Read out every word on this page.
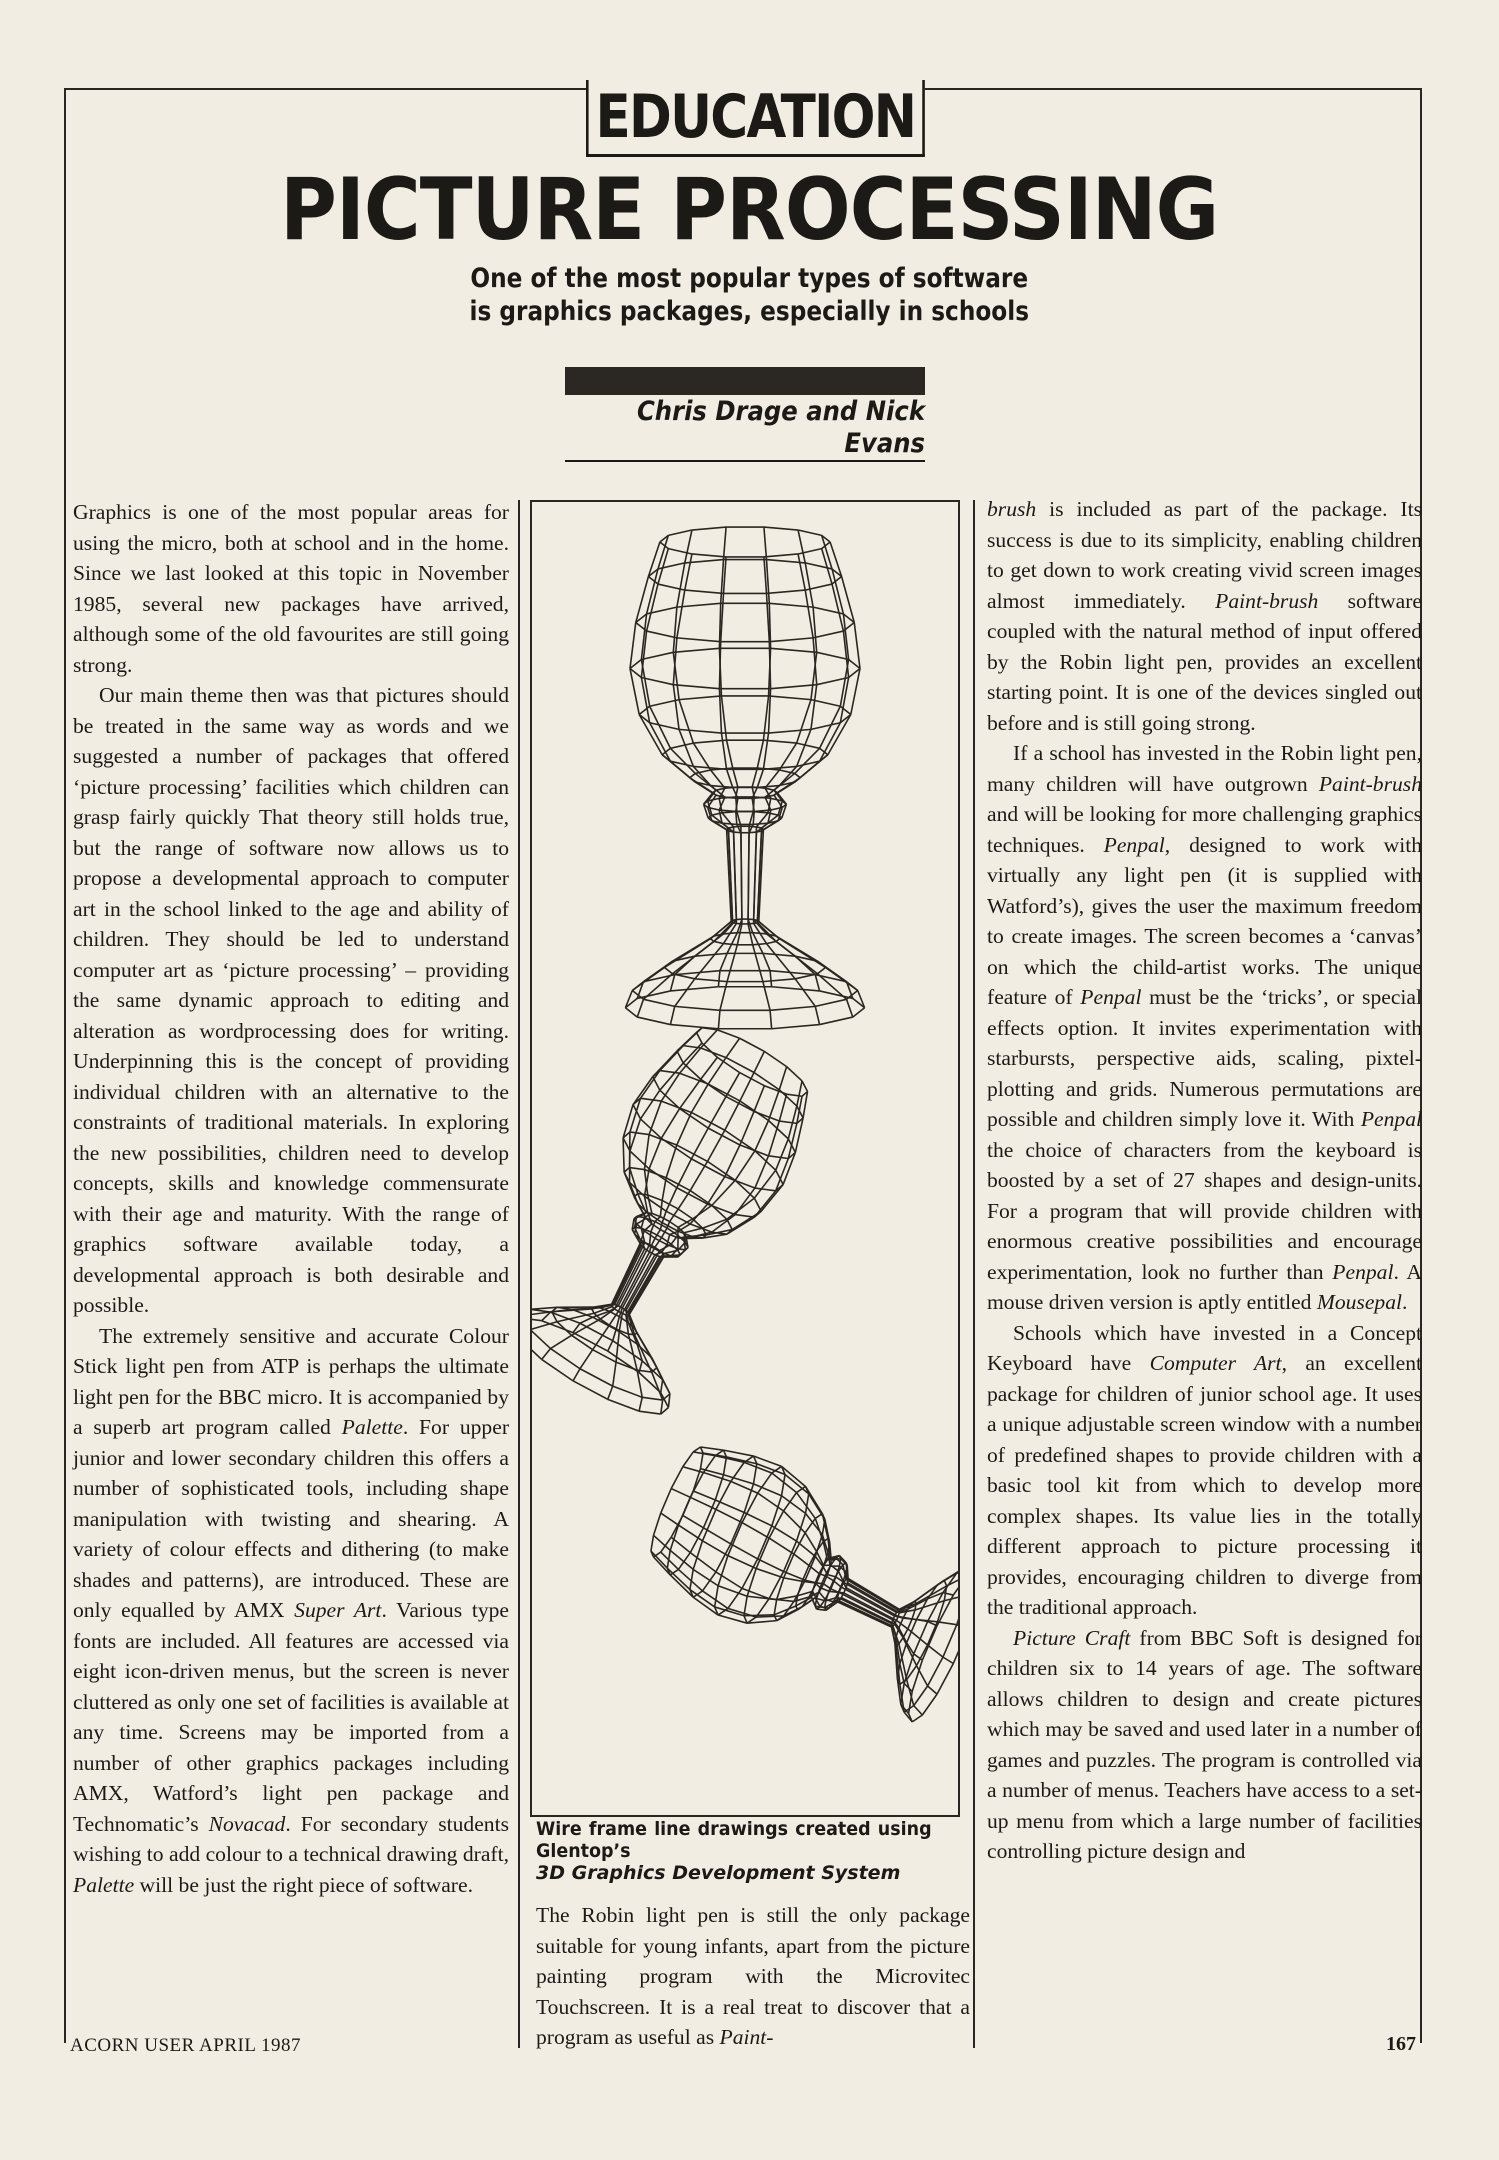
EDUCATION
PICTURE PROCESSING
One of the most popular types of software
is graphics packages, especially in schools
Chris Drage and Nick Evans

Graphics is one of the most popular areas for using the micro, both at school and in the home. Since we last looked at this topic in November 1985, several new packages have arrived, although some of the old favourites are still going strong.

Our main theme then was that pictures should be treated in the same way as words and we suggested a number of packages that offered ‘picture processing’ facilities which children can grasp fairly quickly That theory still holds true, but the range of software now allows us to propose a developmental approach to computer art in the school linked to the age and ability of children. They should be led to understand computer art as ‘picture processing’ – providing the same dynamic approach to editing and alteration as wordprocessing does for writing. Underpinning this is the concept of providing individual children with an alternative to the constraints of traditional materials. In exploring the new possibilities, children need to develop concepts, skills and knowledge commensurate with their age and maturity. With the range of graphics software available today, a developmental approach is both desirable and possible.

The extremely sensitive and accurate Colour Stick light pen from ATP is perhaps the ultimate light pen for the BBC micro. It is accompanied by a superb art program called Palette. For upper junior and lower secondary children this offers a number of sophisticated tools, including shape manipulation with twisting and shearing. A variety of colour effects and dithering (to make shades and patterns), are introduced. These are only equalled by AMX Super Art. Various type fonts are included. All features are accessed via eight icon-driven menus, but the screen is never cluttered as only one set of facilities is available at any time. Screens may be imported from a number of other graphics packages including AMX, Watford’s light pen package and Technomatic’s Novacad. For secondary students wishing to add colour to a technical drawing draft, Palette will be just the right piece of software.

Wire frame line drawings created using Glentop’s3D Graphics Development System

The Robin light pen is still the only package suitable for young infants, apart from the picture painting program with the Microvitec Touchscreen. It is a real treat to discover that a program as useful as Paint-

brush is included as part of the package. Its success is due to its simplicity, enabling children to get down to work creating vivid screen images almost immediately. Paint-brush software coupled with the natural method of input offered by the Robin light pen, provides an excellent starting point. It is one of the devices singled out before and is still going strong.

If a school has invested in the Robin light pen, many children will have outgrown Paint-brush and will be looking for more challenging graphics techniques. Penpal, designed to work with virtually any light pen (it is supplied with Watford’s), gives the user the maximum freedom to create images. The screen becomes a ‘canvas’ on which the child-artist works. The unique feature of Penpal must be the ‘tricks’, or special effects option. It invites experimentation with starbursts, perspective aids, scaling, pixtel-plotting and grids. Numerous permutations are possible and children simply love it. With Penpal the choice of characters from the keyboard is boosted by a set of 27 shapes and design-units. For a program that will provide children with enormous creative possibilities and encourage experimentation, look no further than Penpal. A mouse driven version is aptly entitled Mousepal.

Schools which have invested in a Concept Keyboard have Computer Art, an excellent package for children of junior school age. It uses a unique adjustable screen window with a number of predefined shapes to provide children with a basic tool kit from which to develop more complex shapes. Its value lies in the totally different approach to picture processing it provides, encouraging children to diverge from the traditional approach.

Picture Craft from BBC Soft is designed for children six to 14 years of age. The software allows children to design and create pictures which may be saved and used later in a number of games and puzzles. The program is controlled via a number of menus. Teachers have access to a set-up menu from which a large number of facilities controlling picture design and

ACORN USER APRIL 1987	167
